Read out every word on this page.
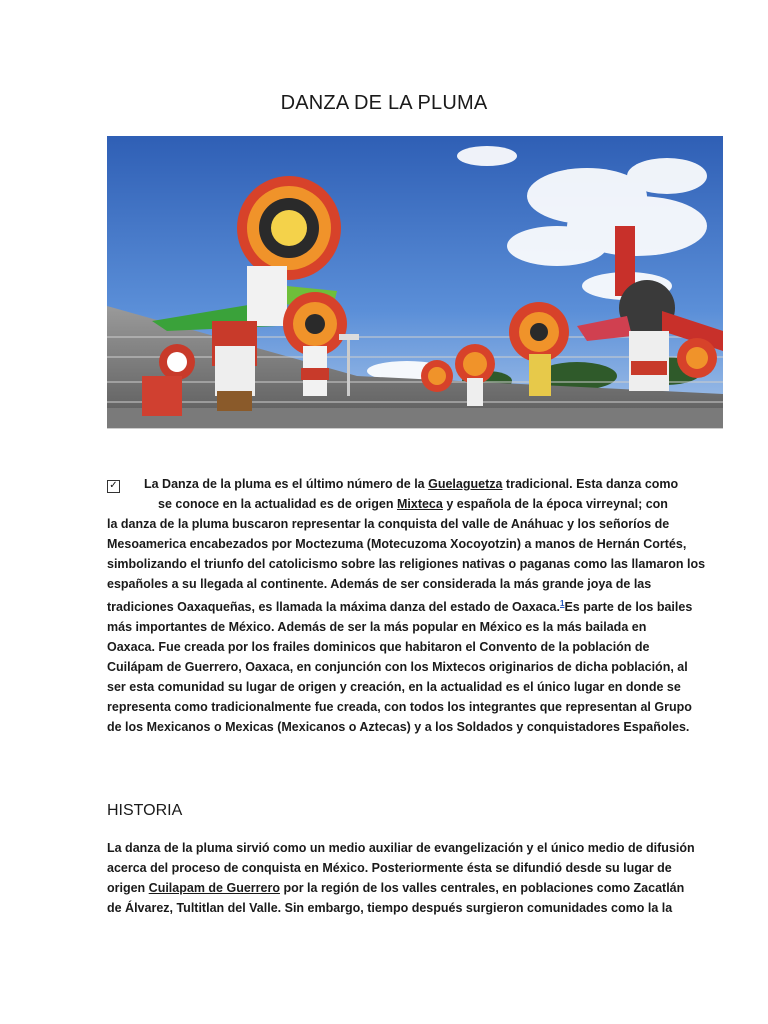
DANZA DE LA PLUMA
✓ La Danza de la pluma es el último número de la Guelaguetza tradicional. Esta danza como
se conoce en la actualidad es de origen Mixteca y española de la época virreynal; con
la danza de la pluma buscaron representar la conquista del valle de Anáhuac y los señoríos de
Mesoamerica encabezados por Moctezuma (Motecuzoma Xocoyotzin) a manos de Hernán Cortés,
simbolizando el triunfo del catolicismo sobre las religiones nativas o paganas como las llamaron los
españoles a su llegada al continente. Además de ser considerada la más grande joya de las
tradiciones Oaxaqueñas, es llamada la máxima danza del estado de Oaxaca.$^1$Es parte de los bailes
más importantes de México. Además de ser la más popular en México es la más bailada en
Oaxaca. Fue creada por los frailes dominicos que habitaron el Convento de la población de
Cuilápam de Guerrero, Oaxaca, en conjunción con los Mixtecos originarios de dicha población, al
ser esta comunidad su lugar de origen y creación, en la actualidad es el único lugar en donde se
representa como tradicionalmente fue creada, con todos los integrantes que representan al Grupo
de los Mexicanos o Mexicas (Mexicanos o Aztecas) y a los Soldados y conquistadores Españoles.
HISTORIA
La danza de la pluma sirvió como un medio auxiliar de evangelización y el único medio de difusión
acerca del proceso de conquista en México. Posteriormente ésta se difundió desde su lugar de
origen Cuilapam de Guerrero por la región de los valles centrales, en poblaciones como Zacatlán
de Álvarez, Tultitlan del Valle. Sin embargo, tiempo después surgieron comunidades como la la
